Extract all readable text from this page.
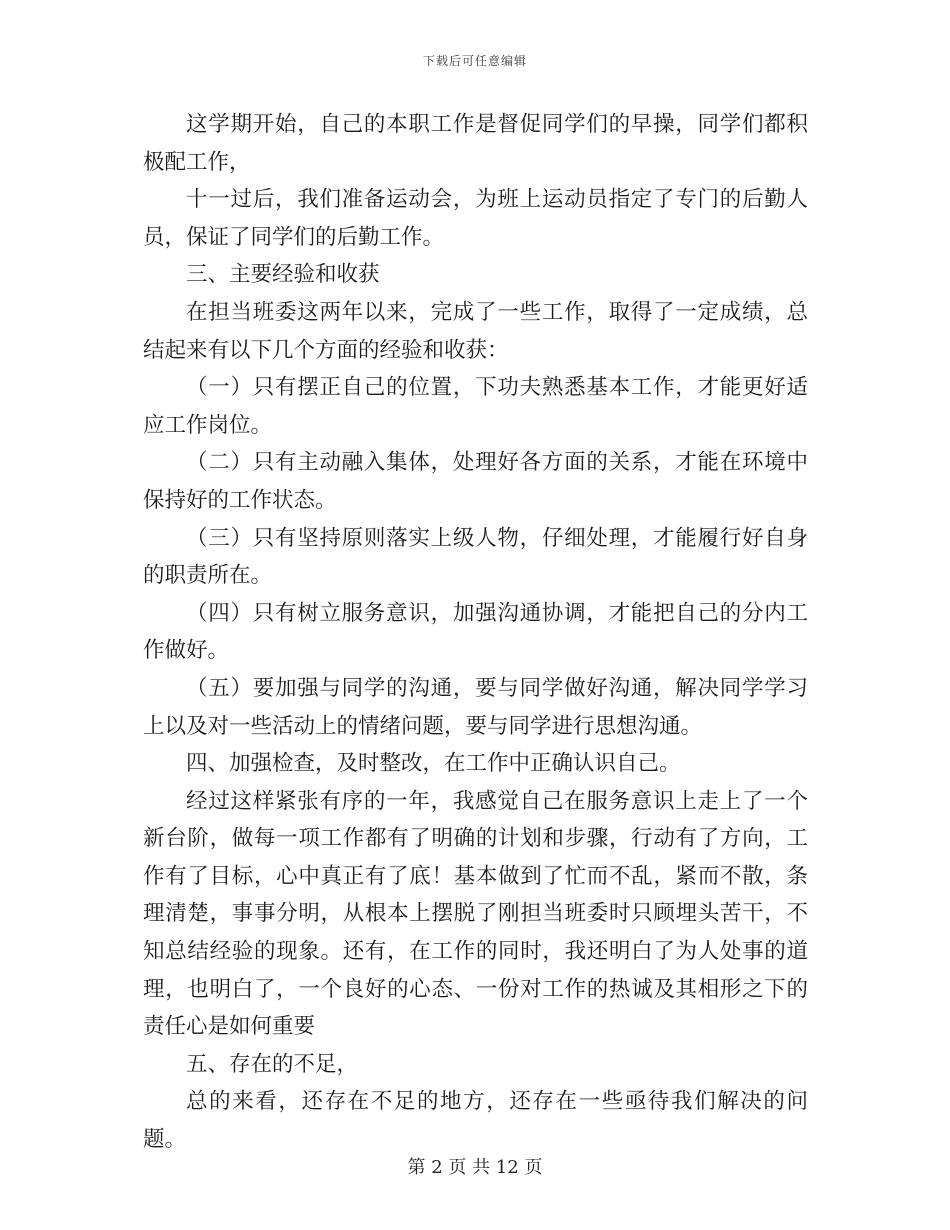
下载后可任意编辑

这学期开始，自己的本职工作是督促同学们的早操，同学们都积极配工作，

十一过后，我们准备运动会，为班上运动员指定了专门的后勤人员，保证了同学们的后勤工作。

三、主要经验和收获

在担当班委这两年以来，完成了一些工作，取得了一定成绩，总结起来有以下几个方面的经验和收获：

（一）只有摆正自己的位置，下功夫熟悉基本工作，才能更好适应工作岗位。

（二）只有主动融入集体，处理好各方面的关系，才能在环境中保持好的工作状态。

（三）只有坚持原则落实上级人物，仔细处理，才能履行好自身的职责所在。

（四）只有树立服务意识，加强沟通协调，才能把自己的分内工作做好。

（五）要加强与同学的沟通，要与同学做好沟通，解决同学学习上以及对一些活动上的情绪问题，要与同学进行思想沟通。

四、加强检查，及时整改，在工作中正确认识自己。

经过这样紧张有序的一年，我感觉自己在服务意识上走上了一个新台阶，做每一项工作都有了明确的计划和步骤，行动有了方向，工作有了目标，心中真正有了底！基本做到了忙而不乱，紧而不散，条理清楚，事事分明，从根本上摆脱了刚担当班委时只顾埋头苦干，不知总结经验的现象。还有，在工作的同时，我还明白了为人处事的道理，也明白了，一个良好的心态、一份对工作的热诚及其相形之下的责任心是如何重要

五、存在的不足，

总的来看，还存在不足的地方，还存在一些亟待我们解决的问题。

第 2 页 共 12 页
